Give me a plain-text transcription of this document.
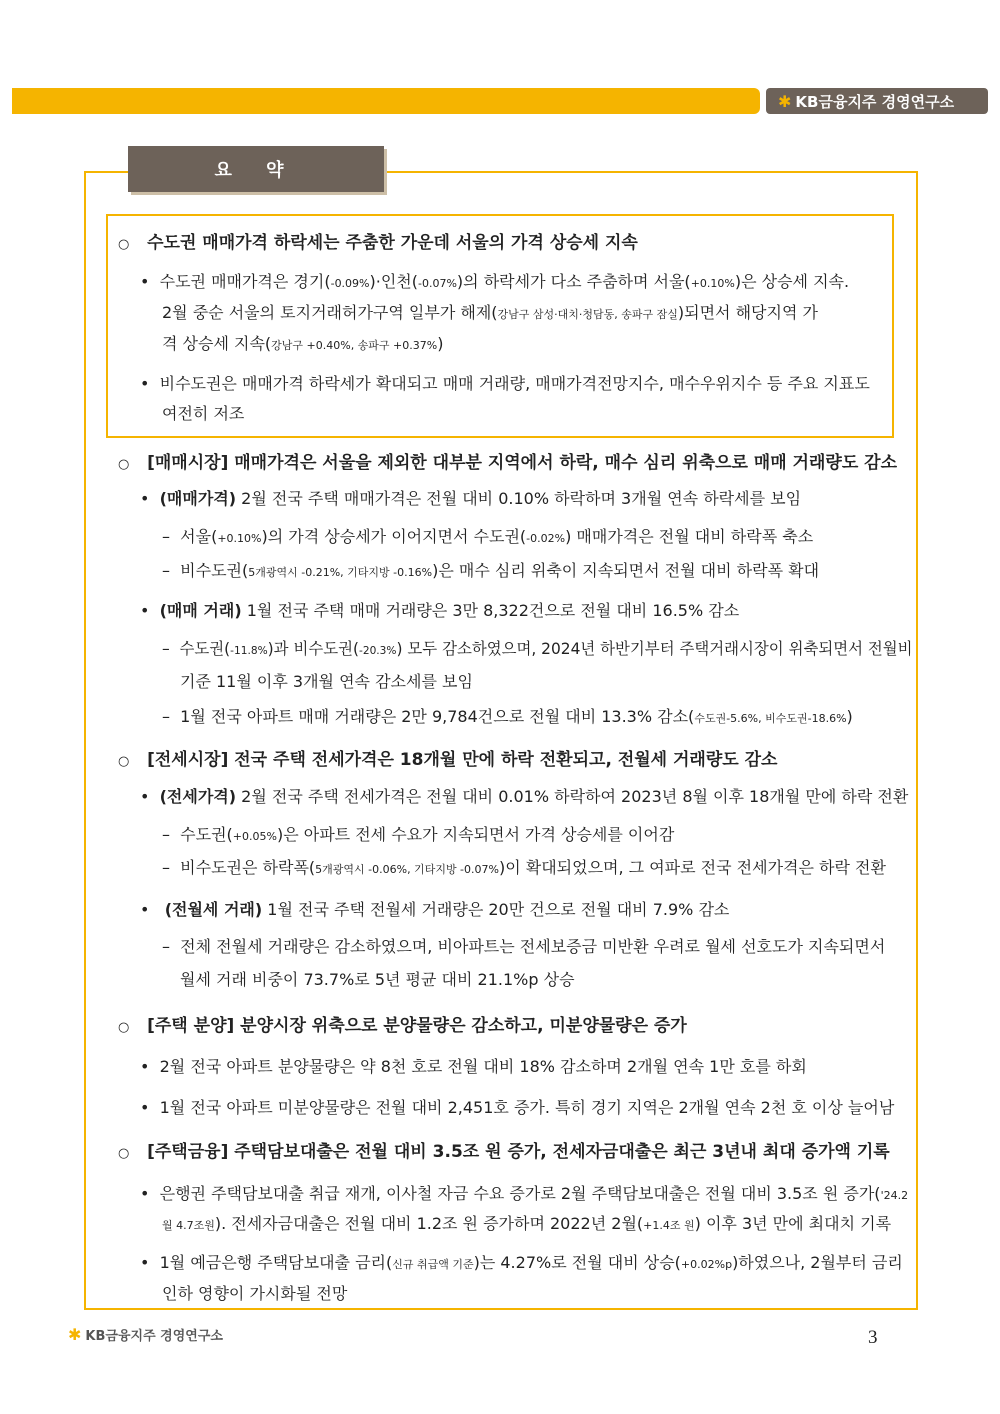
✱ KB금융지주 경영연구소
요 약
○ 수도권 매매가격 하락세는 주춤한 가운데 서울의 가격 상승세 지속
•  수도권 매매가격은 경기(-0.09%)·인천(-0.07%)의 하락세가 다소 주춤하며 서울(+0.10%)은 상승세 지속.
2월 중순 서울의 토지거래허가구역 일부가 해제(강남구 삼성·대치·청담동, 송파구 잠실)되면서 해당지역 가
격 상승세 지속(강남구 +0.40%, 송파구 +0.37%)
•  비수도권은 매매가격 하락세가 확대되고 매매 거래량, 매매가격전망지수, 매수우위지수 등 주요 지표도
여전히 저조
○ [매매시장] 매매가격은 서울을 제외한 대부분 지역에서 하락, 매수 심리 위축으로 매매 거래량도 감소
•  (매매가격) 2월 전국 주택 매매가격은 전월 대비 0.10% 하락하며 3개월 연속 하락세를 보임
–  서울(+0.10%)의 가격 상승세가 이어지면서 수도권(-0.02%) 매매가격은 전월 대비 하락폭 축소
–  비수도권(5개광역시 -0.21%, 기타지방 -0.16%)은 매수 심리 위축이 지속되면서 전월 대비 하락폭 확대
•  (매매 거래) 1월 전국 주택 매매 거래량은 3만 8,322건으로 전월 대비 16.5% 감소
–  수도권(-11.8%)과 비수도권(-20.3%) 모두 감소하였으며, 2024년 하반기부터 주택거래시장이 위축되면서 전월비
기준 11월 이후 3개월 연속 감소세를 보임
–  1월 전국 아파트 매매 거래량은 2만 9,784건으로 전월 대비 13.3% 감소(수도권-5.6%, 비수도권-18.6%)
○ [전세시장] 전국 주택 전세가격은 18개월 만에 하락 전환되고, 전월세 거래량도 감소
•  (전세가격) 2월 전국 주택 전세가격은 전월 대비 0.01% 하락하여 2023년 8월 이후 18개월 만에 하락 전환
–  수도권(+0.05%)은 아파트 전세 수요가 지속되면서 가격 상승세를 이어감
–  비수도권은 하락폭(5개광역시 -0.06%, 기타지방 -0.07%)이 확대되었으며, 그 여파로 전국 전세가격은 하락 전환
•   (전월세 거래) 1월 전국 주택 전월세 거래량은 20만 건으로 전월 대비 7.9% 감소
–  전체 전월세 거래량은 감소하였으며, 비아파트는 전세보증금 미반환 우려로 월세 선호도가 지속되면서
월세 거래 비중이 73.7%로 5년 평균 대비 21.1%p 상승
○ [주택 분양] 분양시장 위축으로 분양물량은 감소하고, 미분양물량은 증가
•  2월 전국 아파트 분양물량은 약 8천 호로 전월 대비 18% 감소하며 2개월 연속 1만 호를 하회
•  1월 전국 아파트 미분양물량은 전월 대비 2,451호 증가. 특히 경기 지역은 2개월 연속 2천 호 이상 늘어남
○ [주택금융] 주택담보대출은 전월 대비 3.5조 원 증가, 전세자금대출은 최근 3년내 최대 증가액 기록
•  은행권 주택담보대출 취급 재개, 이사철 자금 수요 증가로 2월 주택담보대출은 전월 대비 3.5조 원 증가('24.2
월 4.7조원). 전세자금대출은 전월 대비 1.2조 원 증가하며 2022년 2월(+1.4조 원) 이후 3년 만에 최대치 기록
•  1월 예금은행 주택담보대출 금리(신규 취급액 기준)는 4.27%로 전월 대비 상승(+0.02%p)하였으나, 2월부터 금리
인하 영향이 가시화될 전망
✱ KB금융지주 경영연구소	3
